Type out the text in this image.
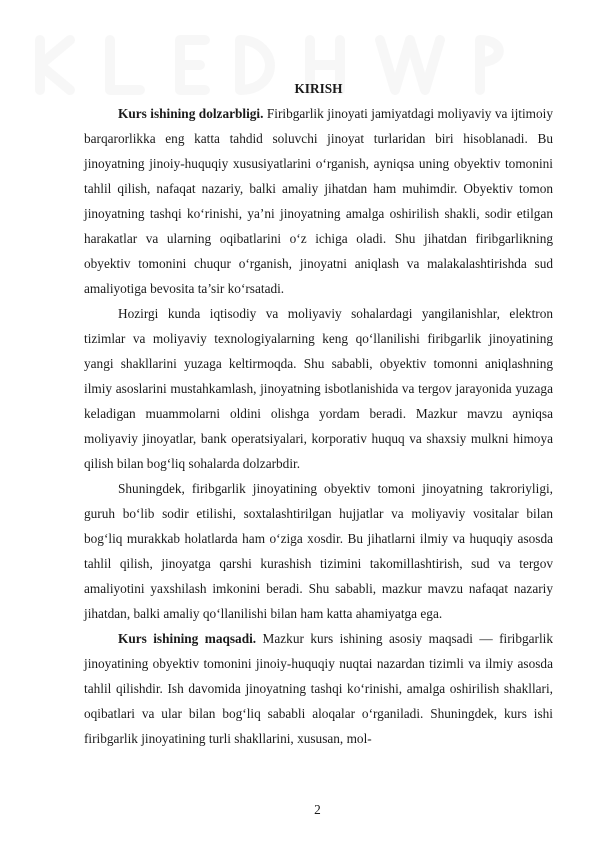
KIRISH

Kurs ishining dolzarbligi. Firibgarlik jinoyati jamiyatdagi moliyaviy va ijtimoiy barqarorlikka eng katta tahdid soluvchi jinoyat turlaridan biri hisoblanadi. Bu jinoyatning jinoiy-huquqiy xususiyatlarini o‘rganish, ayniqsa uning obyektiv tomonini tahlil qilish, nafaqat nazariy, balki amaliy jihatdan ham muhimdir. Obyektiv tomon jinoyatning tashqi ko‘rinishi, ya’ni jinoyatning amalga oshirilish shakli, sodir etilgan harakatlar va ularning oqibatlarini o‘z ichiga oladi. Shu jihatdan firibgarlikning obyektiv tomonini chuqur o‘rganish, jinoyatni aniqlash va malakalashtirishda sud amaliyotiga bevosita ta’sir ko‘rsatadi.

Hozirgi kunda iqtisodiy va moliyaviy sohalardagi yangilanishlar, elektron tizimlar va moliyaviy texnologiyalarning keng qo‘llanilishi firibgarlik jinoyatining yangi shakllarini yuzaga keltirmoqda. Shu sababli, obyektiv tomonni aniqlashning ilmiy asoslarini mustahkamlash, jinoyatning isbotlanishida va tergov jarayonida yuzaga keladigan muammolarni oldini olishga yordam beradi. Mazkur mavzu ayniqsa moliyaviy jinoyatlar, bank operatsiyalari, korporativ huquq va shaxsiy mulkni himoya qilish bilan bog‘liq sohalarda dolzarbdir.

Shuningdek, firibgarlik jinoyatining obyektiv tomoni jinoyatning takroriyligi, guruh bo‘lib sodir etilishi, soxtalashtirilgan hujjatlar va moliyaviy vositalar bilan bog‘liq murakkab holatlarda ham o‘ziga xosdir. Bu jihatlarni ilmiy va huquqiy asosda tahlil qilish, jinoyatga qarshi kurashish tizimini takomillashtirish, sud va tergov amaliyotini yaxshilash imkonini beradi. Shu sababli, mazkur mavzu nafaqat nazariy jihatdan, balki amaliy qo‘llanilishi bilan ham katta ahamiyatga ega.

Kurs ishining maqsadi. Mazkur kurs ishining asosiy maqsadi — firibgarlik jinoyatining obyektiv tomonini jinoiy-huquqiy nuqtai nazardan tizimli va ilmiy asosda tahlil qilishdir. Ish davomida jinoyatning tashqi ko‘rinishi, amalga oshirilish shakllari, oqibatlari va ular bilan bog‘liq sababli aloqalar o‘rganiladi. Shuningdek, kurs ishi firibgarlik jinoyatining turli shakllarini, xususan, mol-

2
